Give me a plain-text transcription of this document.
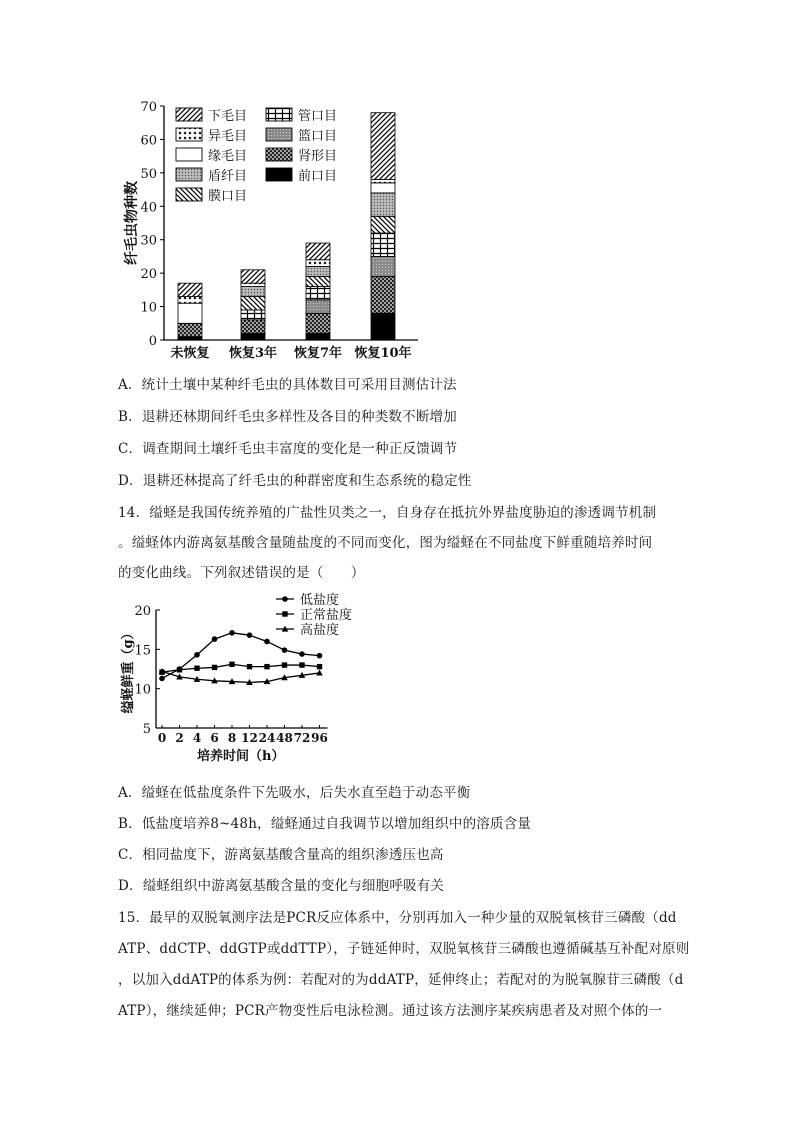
0
10
20
30
40
50
60
70
纤毛虫物种数
未恢复 恢复3年 恢复7年 恢复10年
下毛目	管口目
异毛目	篮口目
缘毛目	肾形目
盾纤目	前口目
膜口目
A．统计土壤中某种纤毛虫的具体数目可采用目测估计法
B．退耕还林期间纤毛虫多样性及各目的种类数不断增加
C．调查期间土壤纤毛虫丰富度的变化是一种正反馈调节
D．退耕还林提高了纤毛虫的种群密度和生态系统的稳定性
14．缢蛏是我国传统养殖的广盐性贝类之一，自身存在抵抗外界盐度胁迫的渗透调节机制
。缢蛏体内游离氨基酸含量随盐度的不同而变化，图为缢蛏在不同盐度下鲜重随培养时间
的变化曲线。下列叙述错误的是（　　）
5
10
15
20
0 2 4 6 8 12 24 48 72 96
培养时间（h）
缢蛏鲜重（g）
低盐度
正常盐度
高盐度
A．缢蛏在低盐度条件下先吸水，后失水直至趋于动态平衡
B．低盐度培养8~48h，缢蛏通过自我调节以增加组织中的溶质含量
C．相同盐度下，游离氨基酸含量高的组织渗透压也高
D．缢蛏组织中游离氨基酸含量的变化与细胞呼吸有关
15．最早的双脱氧测序法是PCR反应体系中，分别再加入一种少量的双脱氧核苷三磷酸（dd
ATP、ddCTP、ddGTP或ddTTP），子链延伸时，双脱氧核苷三磷酸也遵循碱基互补配对原则
，以加入ddATP的体系为例：若配对的为ddATP，延伸终止；若配对的为脱氧腺苷三磷酸（d
ATP），继续延伸；PCR产物变性后电泳检测。通过该方法测序某疾病患者及对照个体的一
